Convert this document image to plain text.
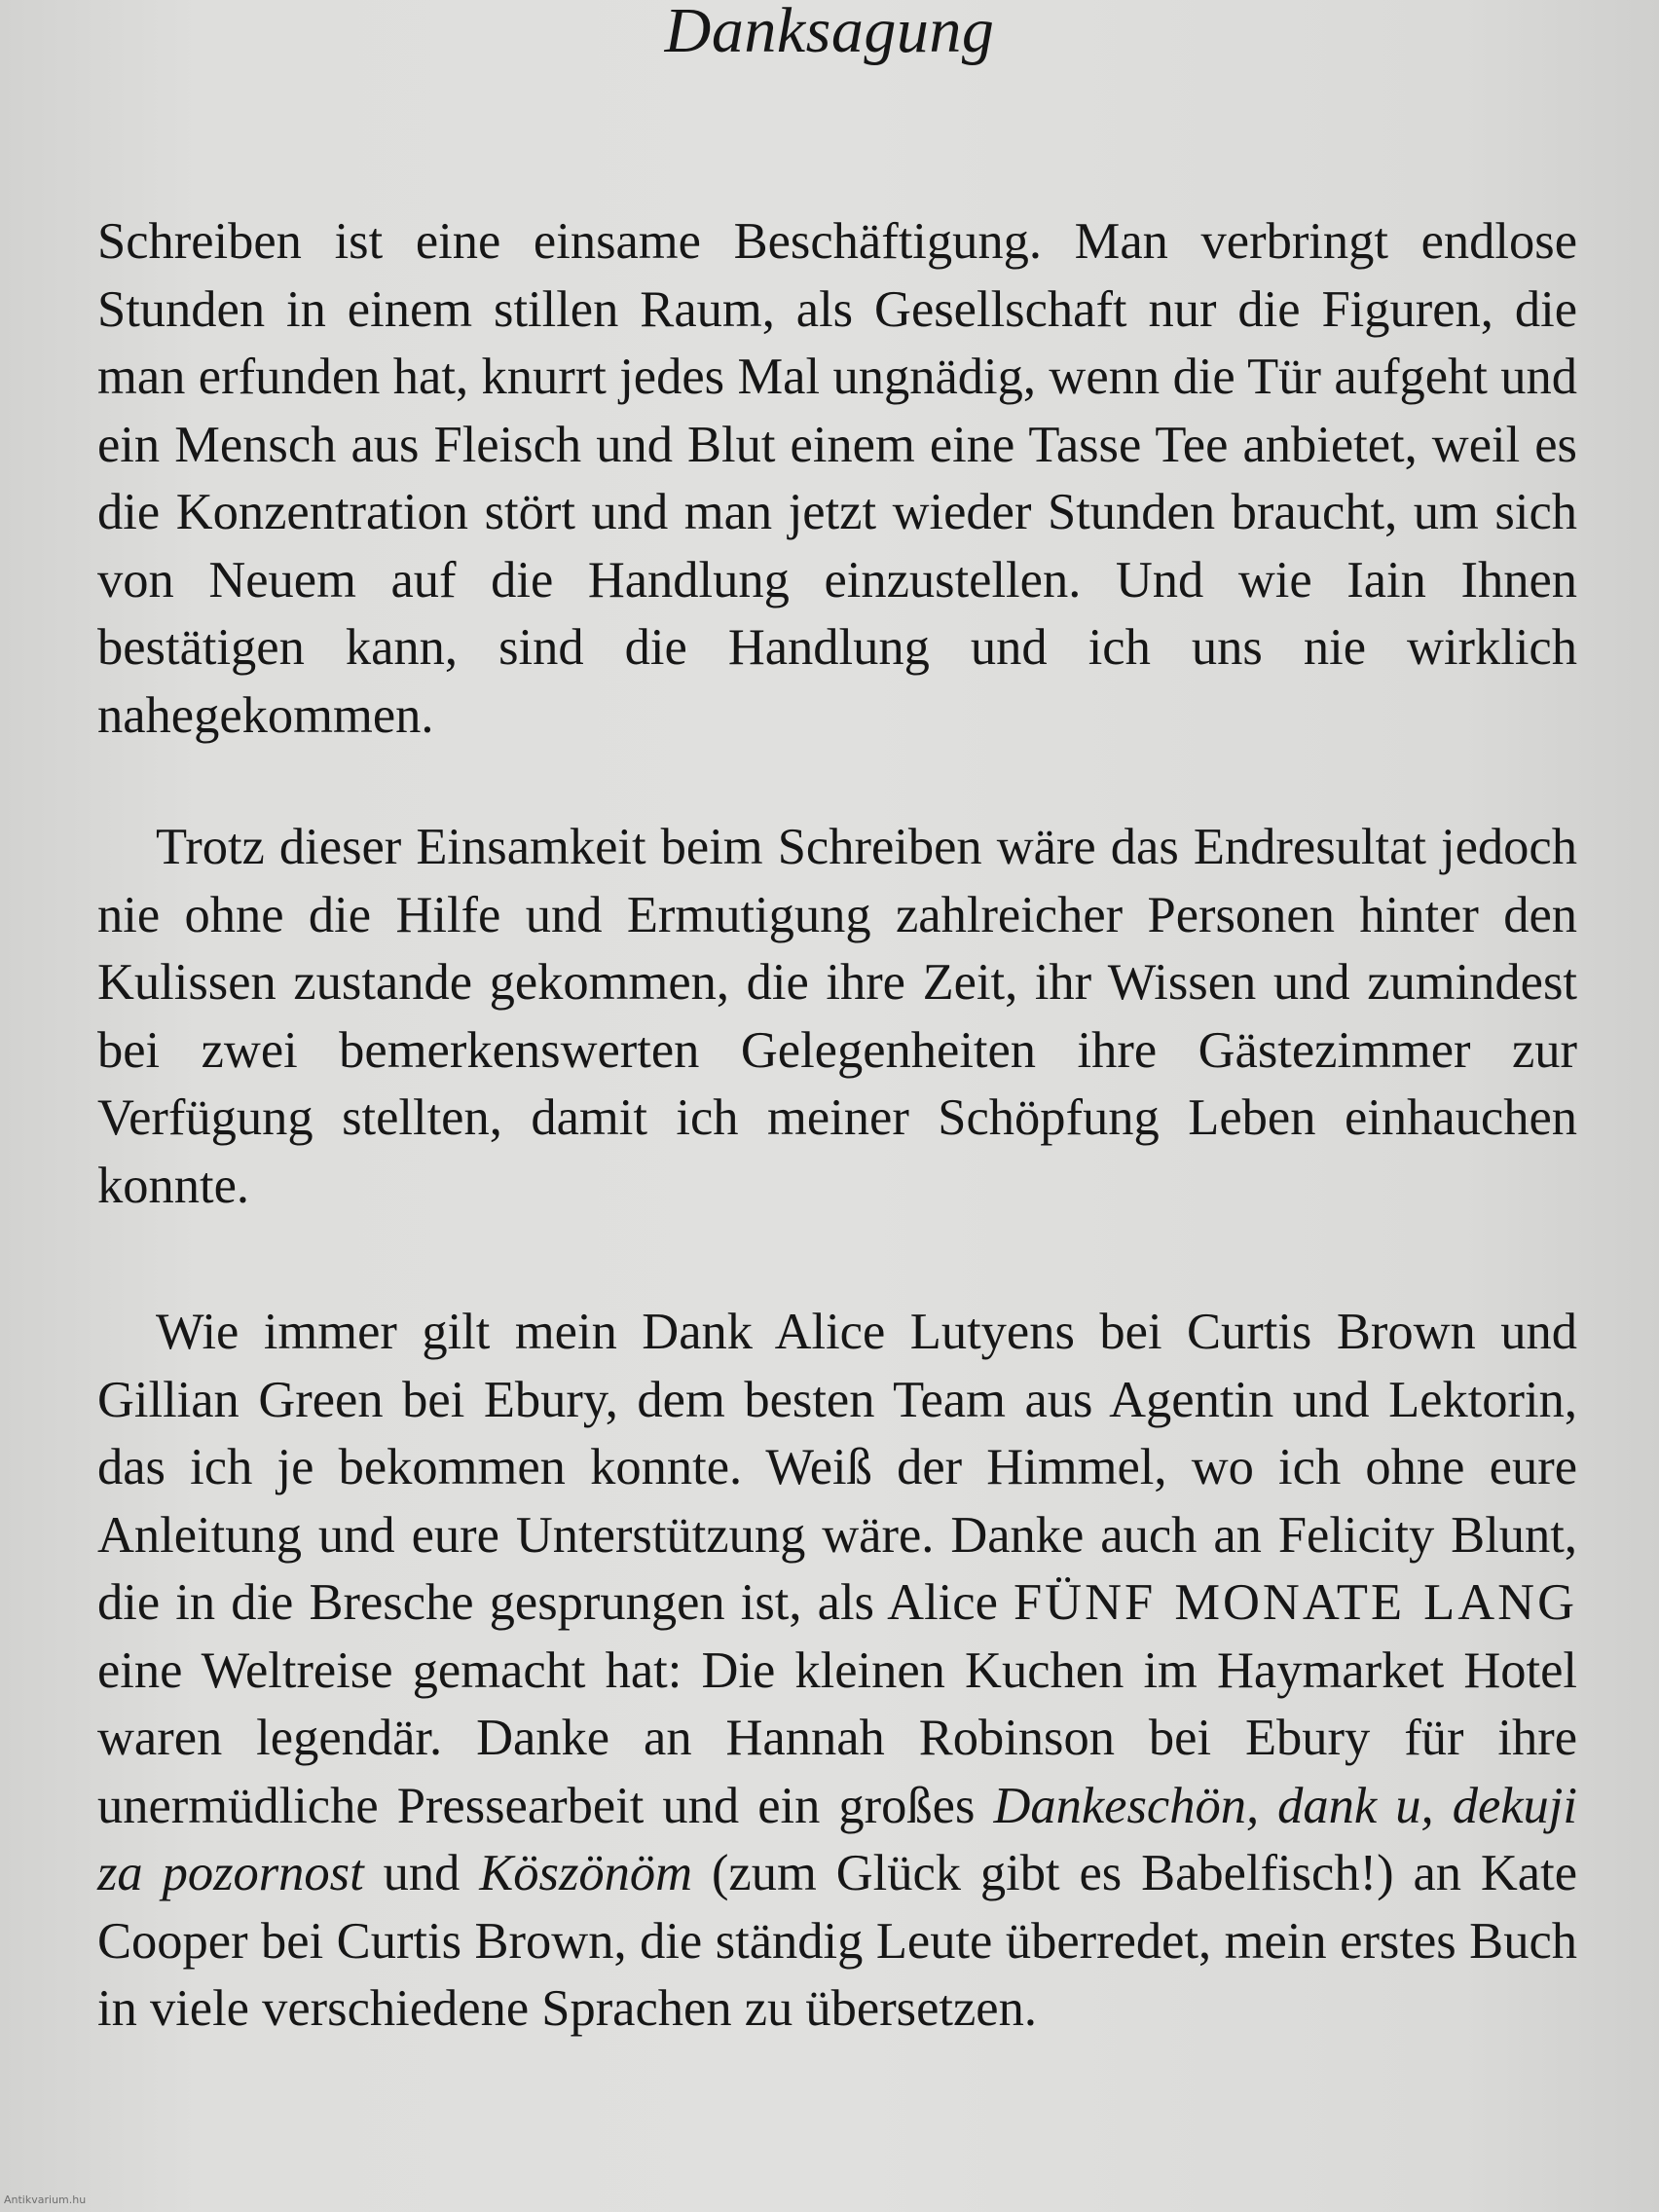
Danksagung

Schreiben ist eine einsame Beschäftigung. Man verbringt endlose Stunden in einem stillen Raum, als Gesellschaft nur die Figuren, die man erfunden hat, knurrt jedes Mal ungnädig, wenn die Tür aufgeht und ein Mensch aus Fleisch und Blut einem eine Tasse Tee anbietet, weil es die Konzentration stört und man jetzt wieder Stunden braucht, um sich von Neuem auf die Handlung einzustellen. Und wie Iain Ihnen bestätigen kann, sind die Handlung und ich uns nie wirklich nahegekommen.

Trotz dieser Einsamkeit beim Schreiben wäre das Endresultat jedoch nie ohne die Hilfe und Ermutigung zahlreicher Personen hinter den Kulissen zustande gekommen, die ihre Zeit, ihr Wissen und zumindest bei zwei bemerkenswerten Gelegenheiten ihre Gästezimmer zur Verfügung stellten, damit ich meiner Schöpfung Leben einhauchen konnte.

Wie immer gilt mein Dank Alice Lutyens bei Curtis Brown und Gillian Green bei Ebury, dem besten Team aus Agentin und Lektorin, das ich je bekommen konnte. Weiß der Himmel, wo ich ohne eure Anleitung und eure Unterstützung wäre. Danke auch an Felicity Blunt, die in die Bresche gesprungen ist, als Alice FÜNF MONATE LANG eine Weltreise gemacht hat: Die kleinen Kuchen im Haymarket Hotel waren legendär. Danke an Hannah Robinson bei Ebury für ihre unermüdliche Pressearbeit und ein großes Dankeschön, dank u, dekuji za pozornost und Köszönöm (zum Glück gibt es Babelfisch!) an Kate Cooper bei Curtis Brown, die ständig Leute überredet, mein erstes Buch in viele verschiedene Sprachen zu übersetzen.

Antikvarium.hu
